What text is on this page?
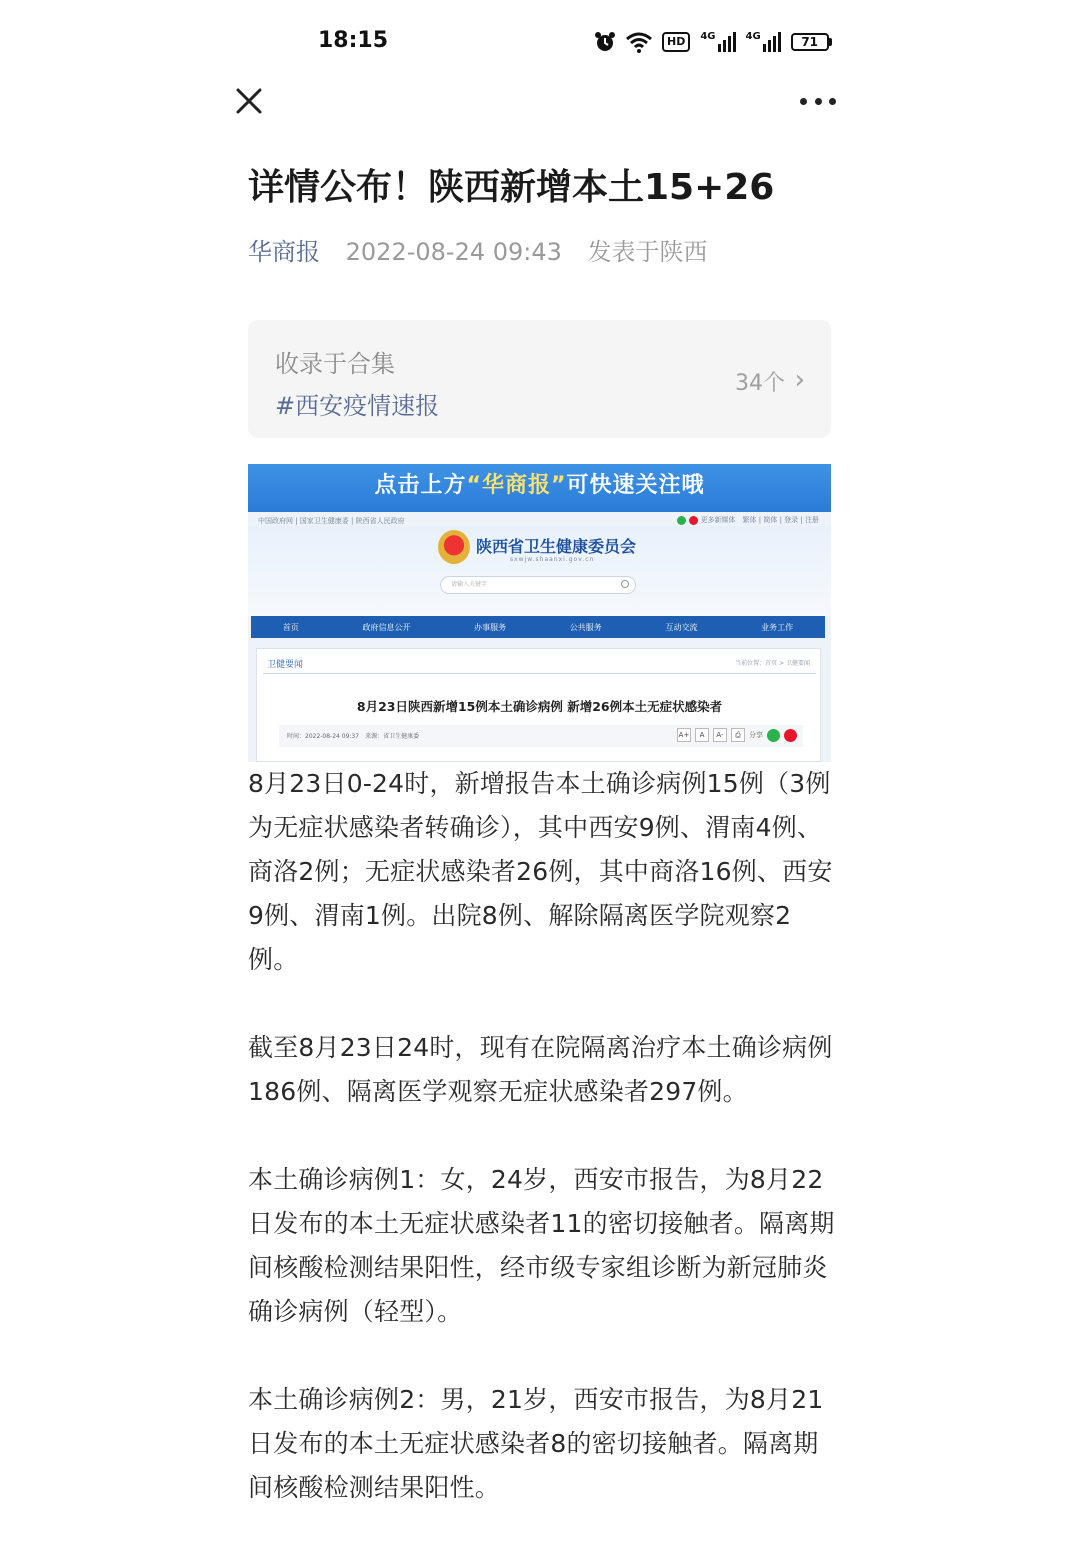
18:15	HD	4G	4G	71
详情公布！陕西新增本土15+26
华商报 2022-08-24 09:43 发表于陕西
收录于合集
#西安疫情速报
34个 ›
点击上方“华商报”可快速关注哦
中国政府网 | 国家卫生健康委 | 陕西省人民政府	更多新媒体　繁体 | 简体 | 登录 | 注册
陕西省卫生健康委员会
sxwjw.shaanxi.gov.cn
请输入关键字
首页	政府信息公开	办事服务	公共服务	互动交流	业务工作
卫健要闻	当前位置：首页 > 卫健要闻
8月23日陕西新增15例本土确诊病例 新增26例本土无症状感染者
时间：2022-08-24 09:37　来源：省卫生健康委	A+	A	A-	⎙	分享

8月23日0-24时，新增报告本土确诊病例15例（3例为无症状感染者转确诊），其中西安9例、渭南4例、商洛2例；无症状感染者26例，其中商洛16例、西安9例、渭南1例。出院8例、解除隔离医学院观察2例。

截至8月23日24时，现有在院隔离治疗本土确诊病例186例、隔离医学观察无症状感染者297例。

本土确诊病例1：女，24岁，西安市报告，为8月22日发布的本土无症状感染者11的密切接触者。隔离期间核酸检测结果阳性，经市级专家组诊断为新冠肺炎确诊病例（轻型）。

本土确诊病例2：男，21岁，西安市报告，为8月21日发布的本土无症状感染者8的密切接触者。隔离期间核酸检测结果阳性。
